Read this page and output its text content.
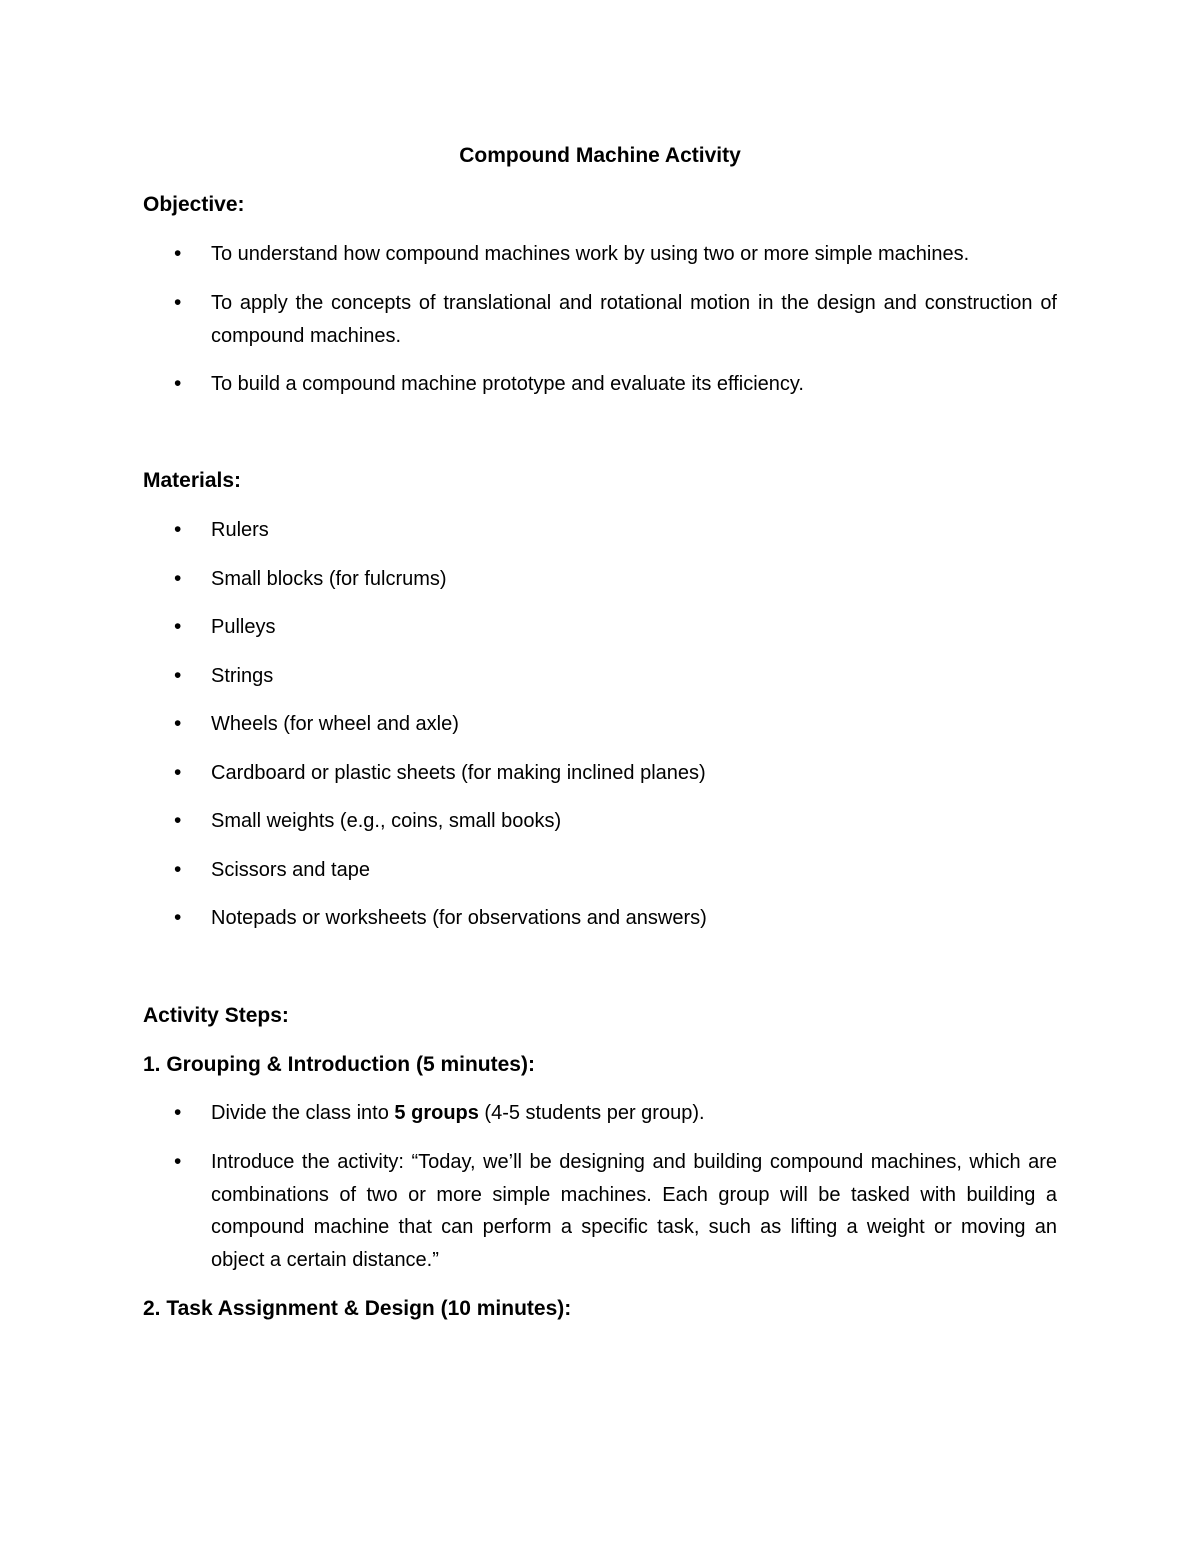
Compound Machine Activity
Objective:
• To understand how compound machines work by using two or more simple machines.
• To apply the concepts of translational and rotational motion in the design and construction of compound machines.
• To build a compound machine prototype and evaluate its efficiency.
Materials:
• Rulers
• Small blocks (for fulcrums)
• Pulleys
• Strings
• Wheels (for wheel and axle)
• Cardboard or plastic sheets (for making inclined planes)
• Small weights (e.g., coins, small books)
• Scissors and tape
• Notepads or worksheets (for observations and answers)
Activity Steps:
1. Grouping & Introduction (5 minutes):
• Divide the class into 5 groups (4-5 students per group).
• Introduce the activity: “Today, we’ll be designing and building compound machines, which are combinations of two or more simple machines. Each group will be tasked with building a compound machine that can perform a specific task, such as lifting a weight or moving an object a certain distance.”
2. Task Assignment & Design (10 minutes):
